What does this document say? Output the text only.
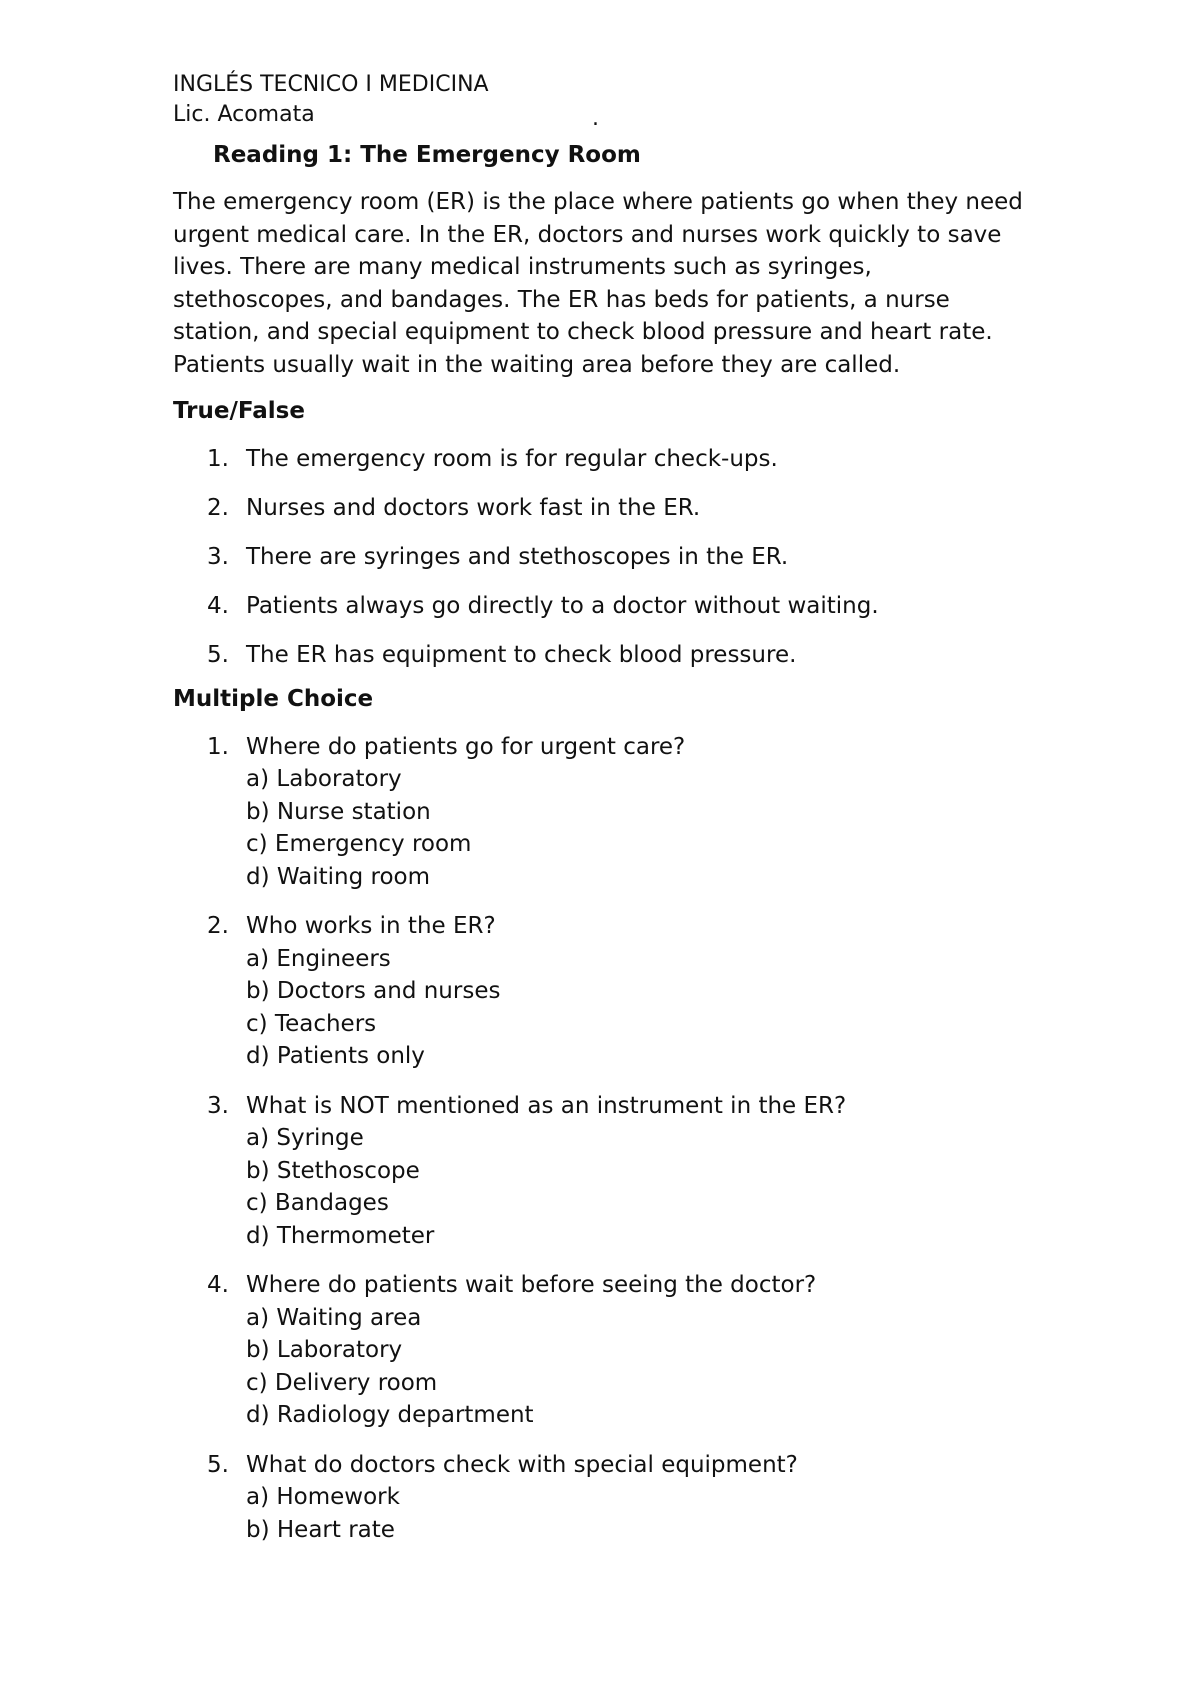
INGLÉS TECNICO I MEDICINA

Lic. Acomata	.

Reading 1: The Emergency Room

The emergency room (ER) is the place where patients go when they need urgent medical care. In the ER, doctors and nurses work quickly to save lives. There are many medical instruments such as syringes, stethoscopes, and bandages. The ER has beds for patients, a nurse station, and special equipment to check blood pressure and heart rate. Patients usually wait in the waiting area before they are called.

True/False

1. The emergency room is for regular check-ups.
2. Nurses and doctors work fast in the ER.
3. There are syringes and stethoscopes in the ER.
4. Patients always go directly to a doctor without waiting.
5. The ER has equipment to check blood pressure.

Multiple Choice

1. Where do patients go for urgent care?
a) Laboratory
b) Nurse station
c) Emergency room
d) Waiting room
2. Who works in the ER?
a) Engineers
b) Doctors and nurses
c) Teachers
d) Patients only
3. What is NOT mentioned as an instrument in the ER?
a) Syringe
b) Stethoscope
c) Bandages
d) Thermometer
4. Where do patients wait before seeing the doctor?
a) Waiting area
b) Laboratory
c) Delivery room
d) Radiology department
5. What do doctors check with special equipment?
a) Homework
b) Heart rate
